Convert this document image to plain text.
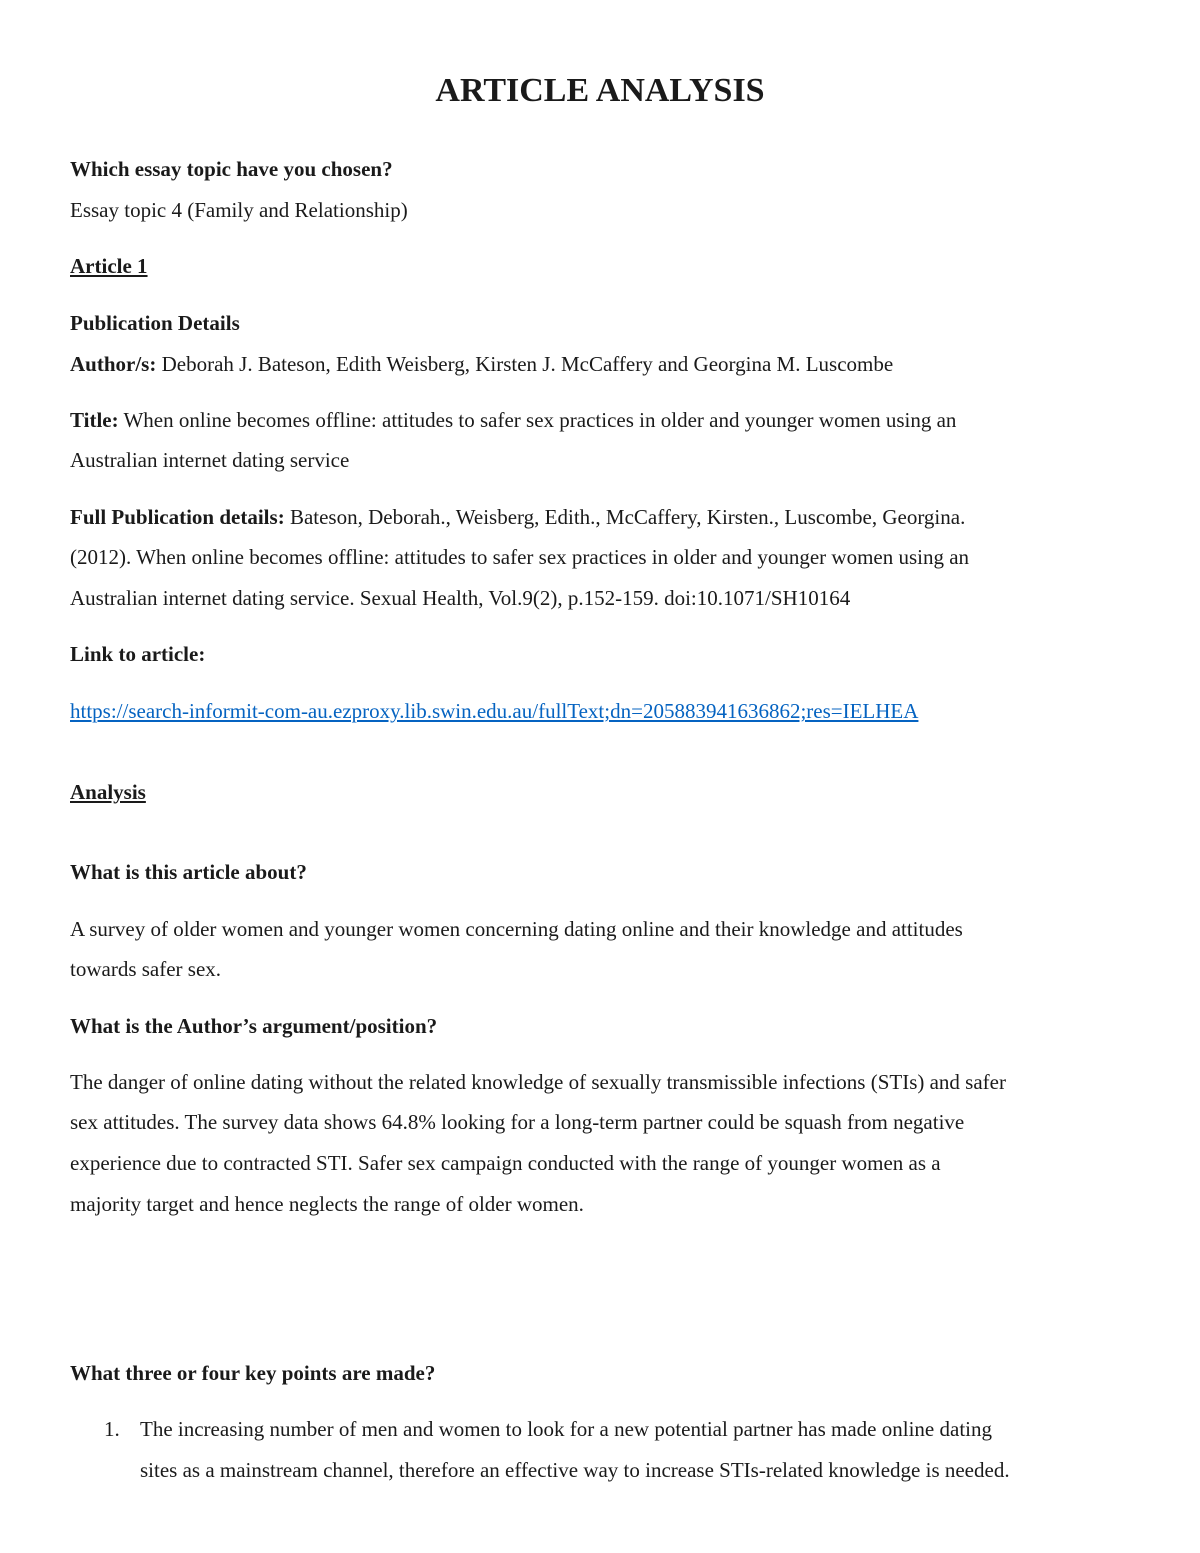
ARTICLE ANALYSIS
Which essay topic have you chosen?
Essay topic 4 (Family and Relationship)
Article 1
Publication Details
Author/s: Deborah J. Bateson, Edith Weisberg, Kirsten J. McCaffery and Georgina M. Luscombe
Title: When online becomes offline: attitudes to safer sex practices in older and younger women using an
Australian internet dating service
Full Publication details: Bateson, Deborah., Weisberg, Edith., McCaffery, Kirsten., Luscombe, Georgina.
(2012). When online becomes offline: attitudes to safer sex practices in older and younger women using an
Australian internet dating service. Sexual Health, Vol.9(2), p.152-159. doi:10.1071/SH10164
Link to article:
https://search-informit-com-au.ezproxy.lib.swin.edu.au/fullText;dn=205883941636862;res=IELHEA
Analysis
What is this article about?
A survey of older women and younger women concerning dating online and their knowledge and attitudes
towards safer sex.
What is the Author’s argument/position?
The danger of online dating without the related knowledge of sexually transmissible infections (STIs) and safer
sex attitudes. The survey data shows 64.8% looking for a long-term partner could be squash from negative
experience due to contracted STI. Safer sex campaign conducted with the range of younger women as a
majority target and hence neglects the range of older women.
What three or four key points are made?
1. The increasing number of men and women to look for a new potential partner has made online dating
sites as a mainstream channel, therefore an effective way to increase STIs-related knowledge is needed.
